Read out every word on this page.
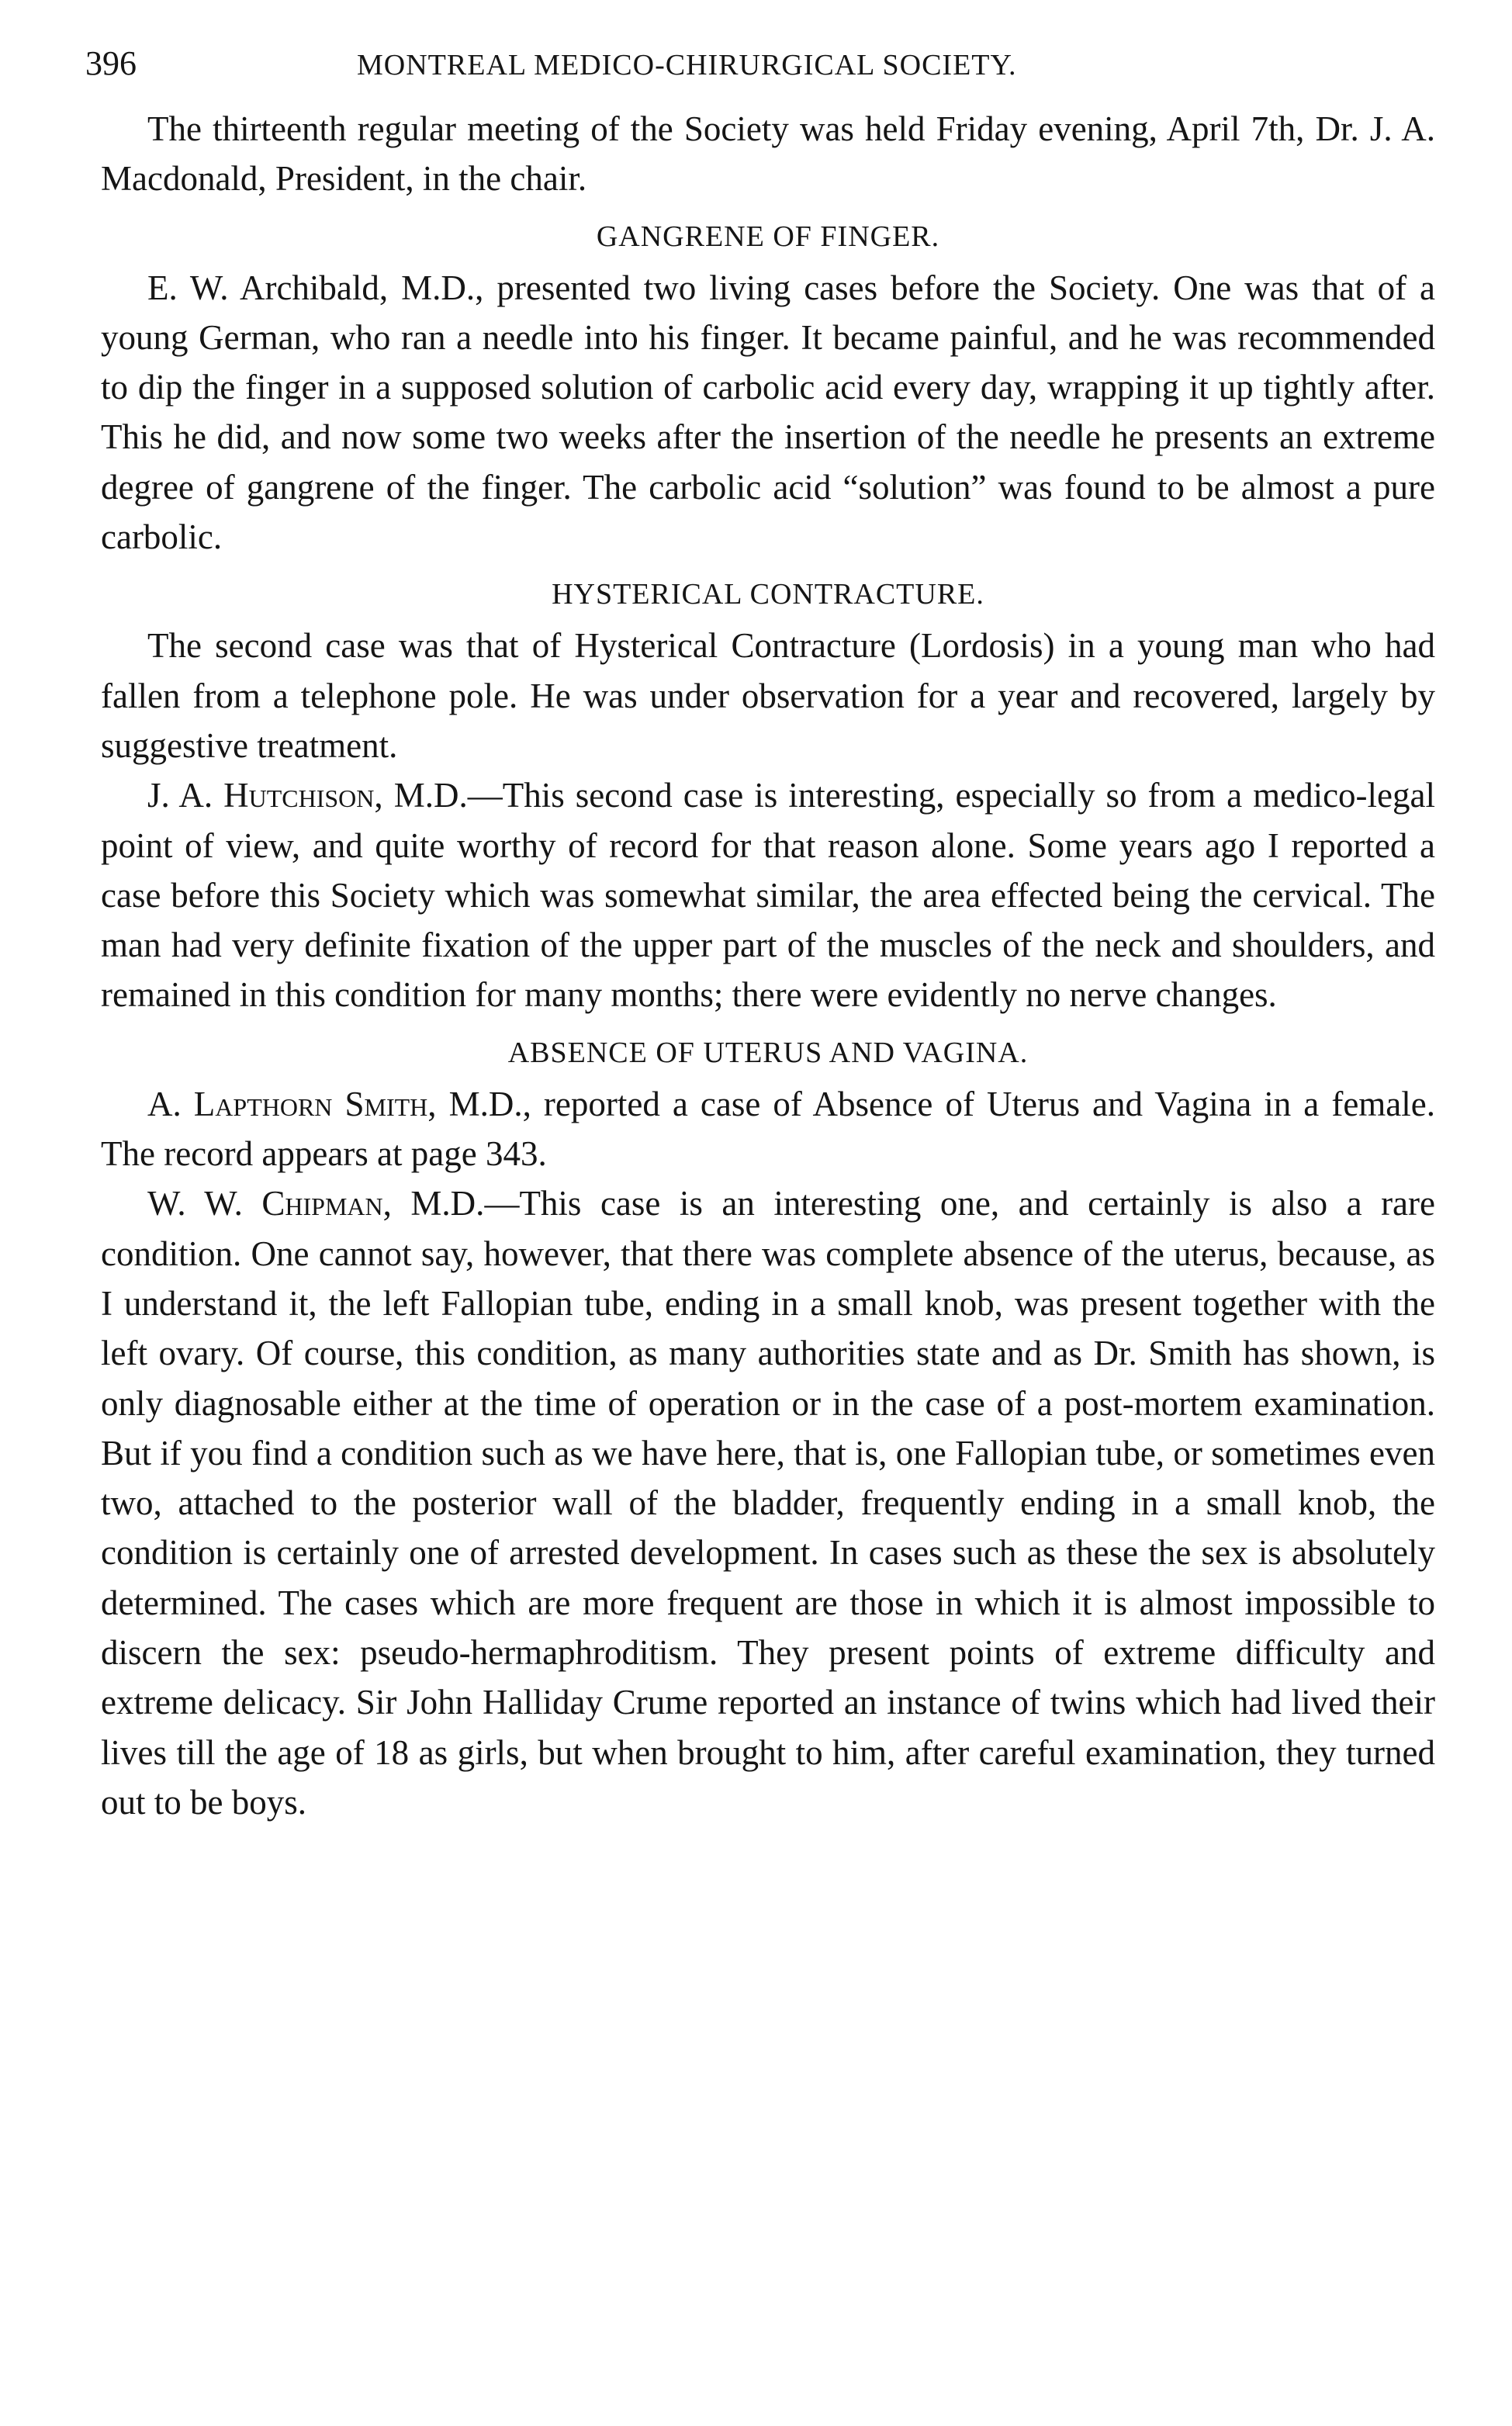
396	MONTREAL MEDICO-CHIRURGICAL SOCIETY.

The thirteenth regular meeting of the Society was held Friday evening, April 7th, Dr. J. A. Macdonald, President, in the chair.

GANGRENE OF FINGER.

E. W. Archibald, M.D., presented two living cases before the Society. One was that of a young German, who ran a needle into his finger. It became painful, and he was recommended to dip the finger in a supposed solution of carbolic acid every day, wrapping it up tightly after. This he did, and now some two weeks after the insertion of the needle he presents an extreme degree of gangrene of the finger. The carbolic acid “solution” was found to be almost a pure carbolic.

HYSTERICAL CONTRACTURE.

The second case was that of Hysterical Contracture (Lordosis) in a young man who had fallen from a telephone pole. He was under observation for a year and recovered, largely by suggestive treatment.

J. A. Hutchison, M.D.—This second case is interesting, especially so from a medico-legal point of view, and quite worthy of record for that reason alone. Some years ago I reported a case before this Society which was somewhat similar, the area effected being the cervical. The man had very definite fixation of the upper part of the muscles of the neck and shoulders, and remained in this condition for many months; there were evidently no nerve changes.

ABSENCE OF UTERUS AND VAGINA.

A. Lapthorn Smith, M.D., reported a case of Absence of Uterus and Vagina in a female. The record appears at page 343.

W. W. Chipman, M.D.—This case is an interesting one, and certainly is also a rare condition. One cannot say, however, that there was complete absence of the uterus, because, as I understand it, the left Fallopian tube, ending in a small knob, was present together with the left ovary. Of course, this condition, as many authorities state and as Dr. Smith has shown, is only diagnosable either at the time of operation or in the case of a post-mortem examination. But if you find a condition such as we have here, that is, one Fallopian tube, or sometimes even two, attached to the posterior wall of the bladder, frequently ending in a small knob, the condition is certainly one of arrested development. In cases such as these the sex is absolutely determined. The cases which are more frequent are those in which it is almost impossible to discern the sex: pseudo-hermaphroditism. They present points of extreme difficulty and extreme delicacy. Sir John Halliday Crume reported an instance of twins which had lived their lives till the age of 18 as girls, but when brought to him, after careful examination, they turned out to be boys.
